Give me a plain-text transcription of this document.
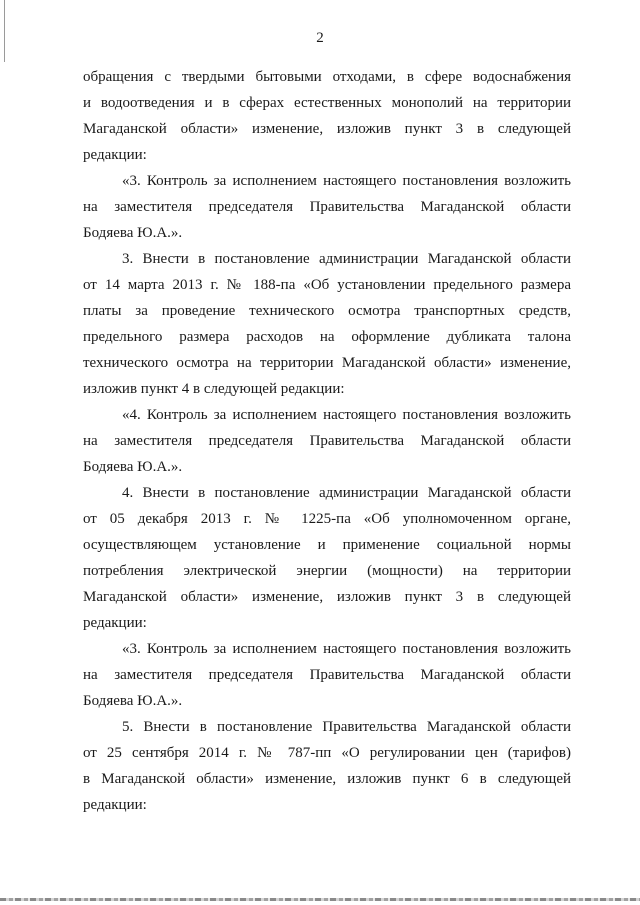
2

обращения с твердыми бытовыми отходами, в сфере водоснабжения
и водоотведения и в сферах естественных монополий на территории
Магаданской области» изменение, изложив пункт 3 в следующей
редакции:

«3. Контроль за исполнением настоящего постановления возложить
на заместителя председателя Правительства Магаданской области
Бодяева Ю.А.».

3. Внести в постановление администрации Магаданской области
от 14 марта 2013 г. № 188-па «Об установлении предельного размера
платы за проведение технического осмотра транспортных средств,
предельного размера расходов на оформление дубликата талона
технического осмотра на территории Магаданской области» изменение,
изложив пункт 4 в следующей редакции:

«4. Контроль за исполнением настоящего постановления возложить
на заместителя председателя Правительства Магаданской области
Бодяева Ю.А.».

4. Внести в постановление администрации Магаданской области
от 05 декабря 2013 г. № 1225-па «Об уполномоченном органе,
осуществляющем установление и применение социальной нормы
потребления электрической энергии (мощности) на территории
Магаданской области» изменение, изложив пункт 3 в следующей
редакции:

«3. Контроль за исполнением настоящего постановления возложить
на заместителя председателя Правительства Магаданской области
Бодяева Ю.А.».

5. Внести в постановление Правительства Магаданской области
от 25 сентября 2014 г. № 787-пп «О регулировании цен (тарифов)
в Магаданской области» изменение, изложив пункт 6 в следующей
редакции:
